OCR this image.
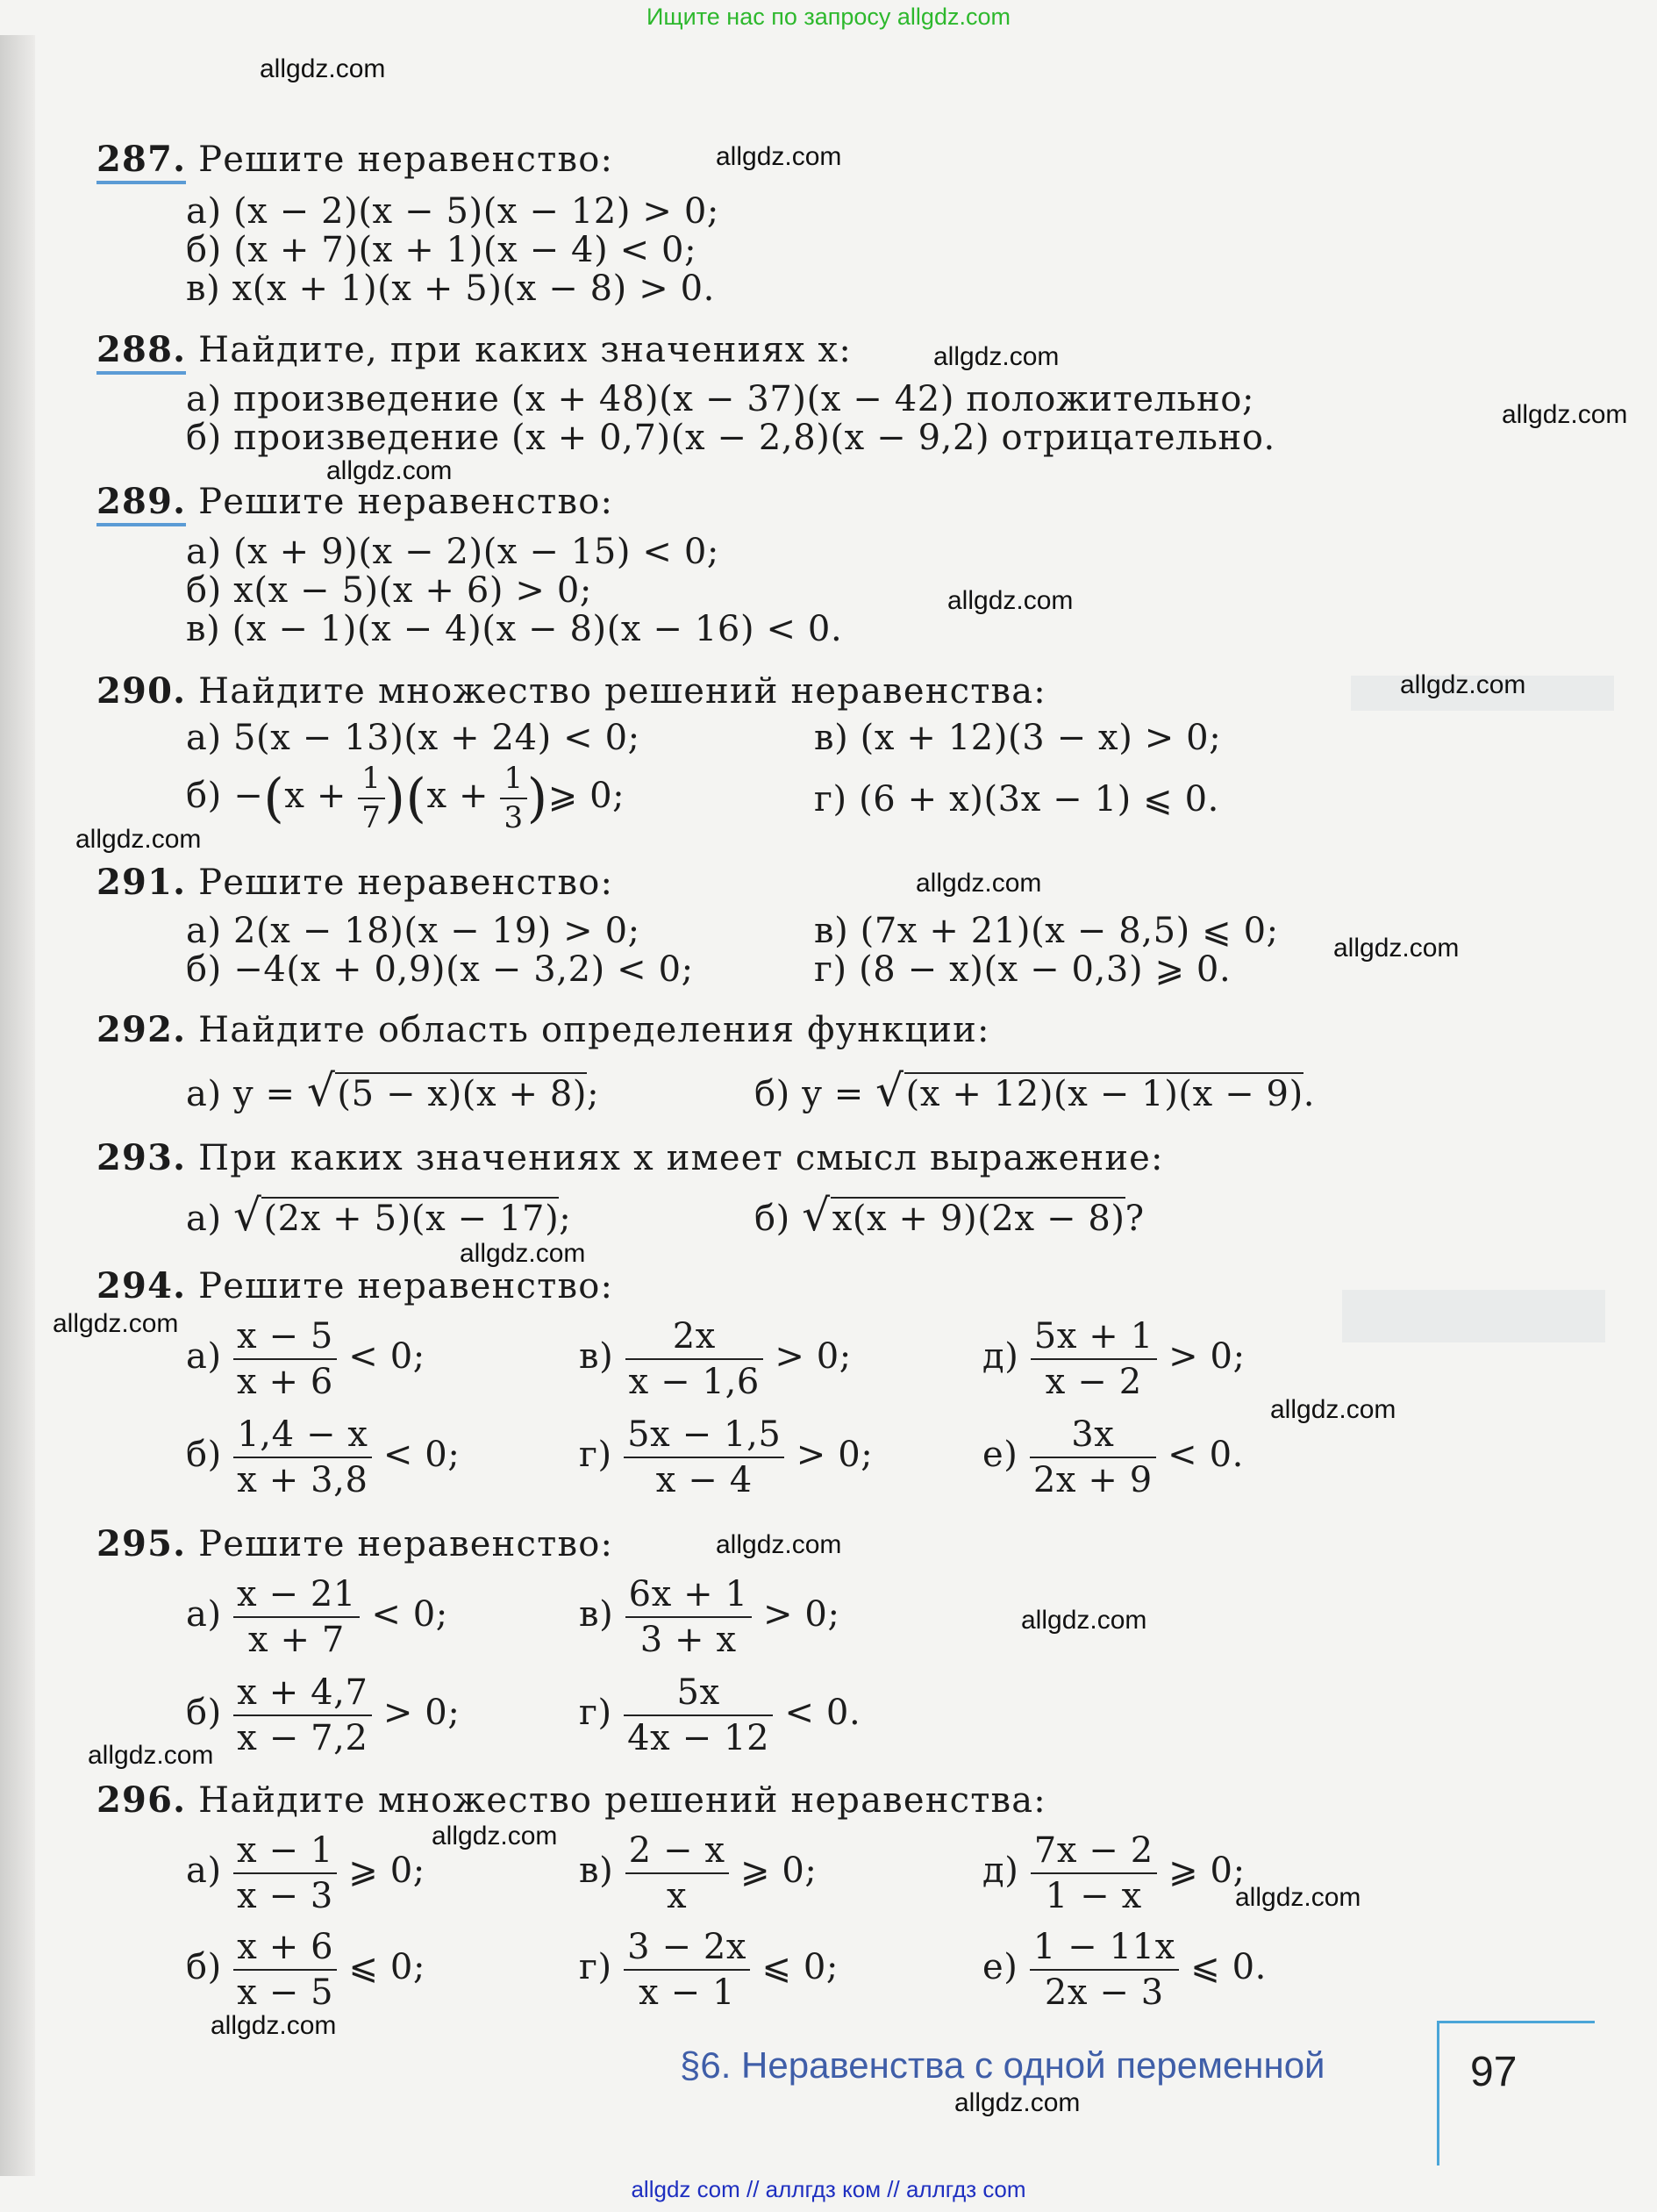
Ищите нас по запросу allgdz.com
287. Решите неравенство:
а) (x − 2)(x − 5)(x − 12) > 0;
б) (x + 7)(x + 1)(x − 4) < 0;
в) x(x + 1)(x + 5)(x − 8) > 0.
288. Найдите, при каких значениях x:
а) произведение (x + 48)(x − 37)(x − 42) положительно;
б) произведение (x + 0,7)(x − 2,8)(x − 9,2) отрицательно.
289. Решите неравенство:
а) (x + 9)(x − 2)(x − 15) < 0;
б) x(x − 5)(x + 6) > 0;
в) (x − 1)(x − 4)(x − 8)(x − 16) < 0.
290. Найдите множество решений неравенства:
а) 5(x − 13)(x + 24) < 0;	в) (x + 12)(3 − x) > 0;
$б) -(x + \frac{1}{7} )(x + \frac{1}{3}$ )⩾ 0;	г) (6 + x)(3x − 1) ⩽ 0.
291. Решите неравенство:
а) 2(x − 18)(x − 19) > 0;	в) (7x + 21)(x − 8,5) ⩽ 0;
б) −4(x + 0,9)(x − 3,2) < 0;	г) (8 − x)(x − 0,3) ⩾ 0.
292. Найдите область определения функции:
а) y = √(5 − x)(x + 8);	б) y = √(x + 12)(x − 1)(x − 9).
293. При каких значениях x имеет смысл выражение:
а) √(2x + 5)(x − 17);	б) √x(x + 9)(2x − 8)?
294. Решите неравенство:
$а) \frac{x - 5}{x + 6} < 0$;	$в) \frac{2x}{x - 1,6} > 0$;	$д) \frac{5x + 1}{x - 2} > 0$;
$б) \frac{1,4 - x}{x + 3,8} < 0$;	$г) \frac{5x - 1,5}{x - 4} > 0$;	$е) \frac{3x}{2x + 9} < 0$.
295. Решите неравенство:
$а) \frac{x - 21}{x + 7} < 0$;	$в) \frac{6x + 1}{3 + x} > 0$;
$б) \frac{x + 4,7}{x - 7,2} > 0$;	$г) \frac{5x}{4x - 12} < 0$.
296. Найдите множество решений неравенства:
$а) \frac{x - 1}{x - 3}$ ⩾ 0;	$в) \frac{2 - x}{x}$ ⩾ 0;	$д) \frac{7x - 2}{1 - x}$ ⩾ 0;
$б) \frac{x + 6}{x - 5}$ ⩽ 0;	$г) \frac{3 - 2x}{x - 1}$ ⩽ 0;	$е) \frac{1 - 11x}{2x - 3}$ ⩽ 0.
§6. Неравенства с одной переменной	97
allgdz.com
allgdz.com
allgdz.com
allgdz.com
allgdz.com
allgdz.com
allgdz.com
allgdz.com
allgdz.com
allgdz.com
allgdz.com
allgdz.com
allgdz.com
allgdz.com
allgdz.com
allgdz.com
allgdz.com
allgdz.com
allgdz.com
allgdz.com
allgdz com // аллгдз ком // аллгдз com
